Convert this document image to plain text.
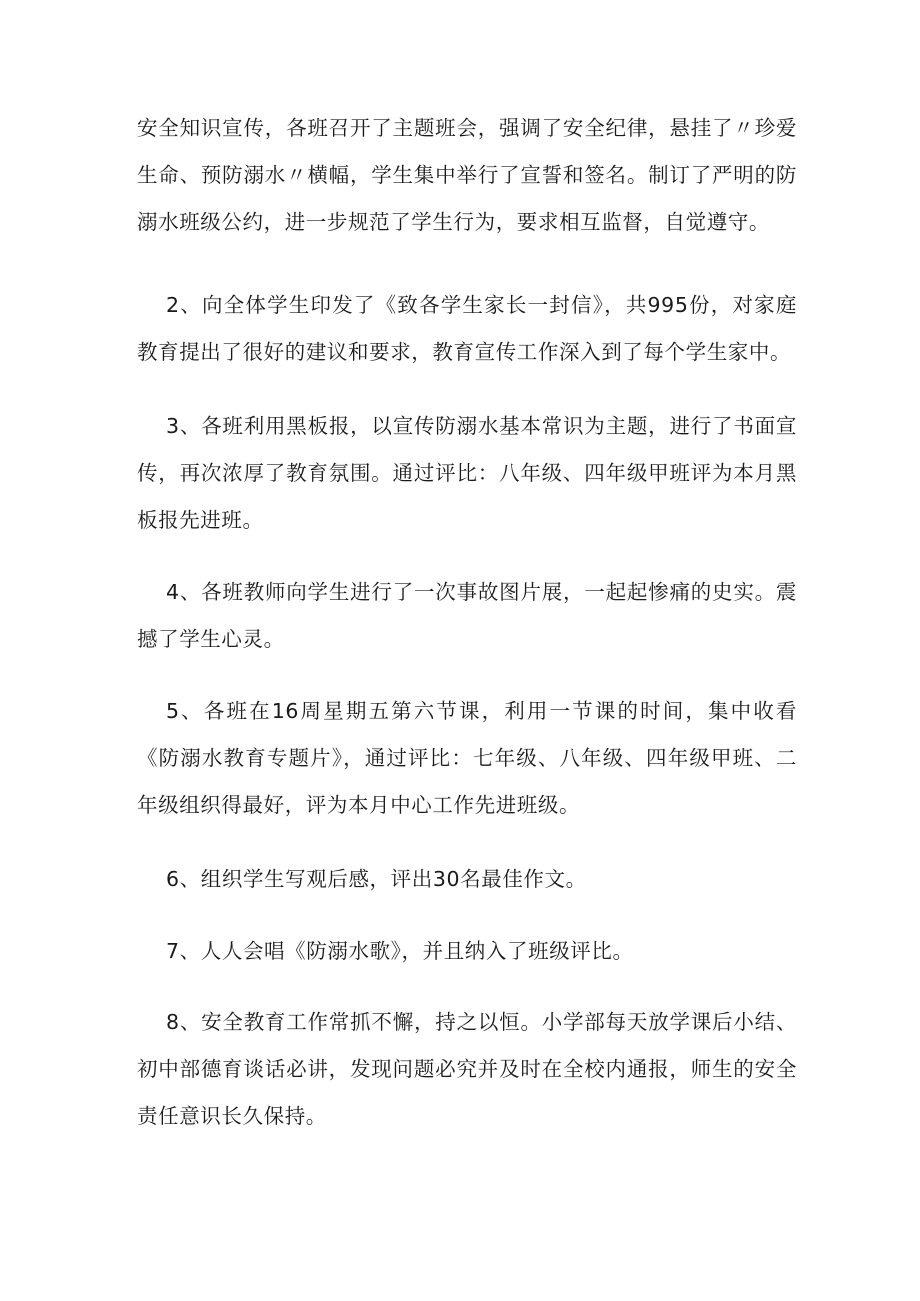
安全知识宣传，各班召开了主题班会，强调了安全纪律，悬挂了〃珍爱生命、预防溺水〃横幅，学生集中举行了宣誓和签名。制订了严明的防溺水班级公约，进一步规范了学生行为，要求相互监督，自觉遵守。

2、向全体学生印发了《致各学生家长一封信》，共995份，对家庭教育提出了很好的建议和要求，教育宣传工作深入到了每个学生家中。

3、各班利用黑板报，以宣传防溺水基本常识为主题，进行了书面宣传，再次浓厚了教育氛围。通过评比：八年级、四年级甲班评为本月黑板报先进班。

4、各班教师向学生进行了一次事故图片展，一起起惨痛的史实。震撼了学生心灵。

5、各班在16周星期五第六节课，利用一节课的时间，集中收看《防溺水教育专题片》，通过评比：七年级、八年级、四年级甲班、二年级组织得最好，评为本月中心工作先进班级。

6、组织学生写观后感，评出30名最佳作文。

7、人人会唱《防溺水歌》，并且纳入了班级评比。

8、安全教育工作常抓不懈，持之以恒。小学部每天放学课后小结、初中部德育谈话必讲，发现问题必究并及时在全校内通报，师生的安全责任意识长久保持。
